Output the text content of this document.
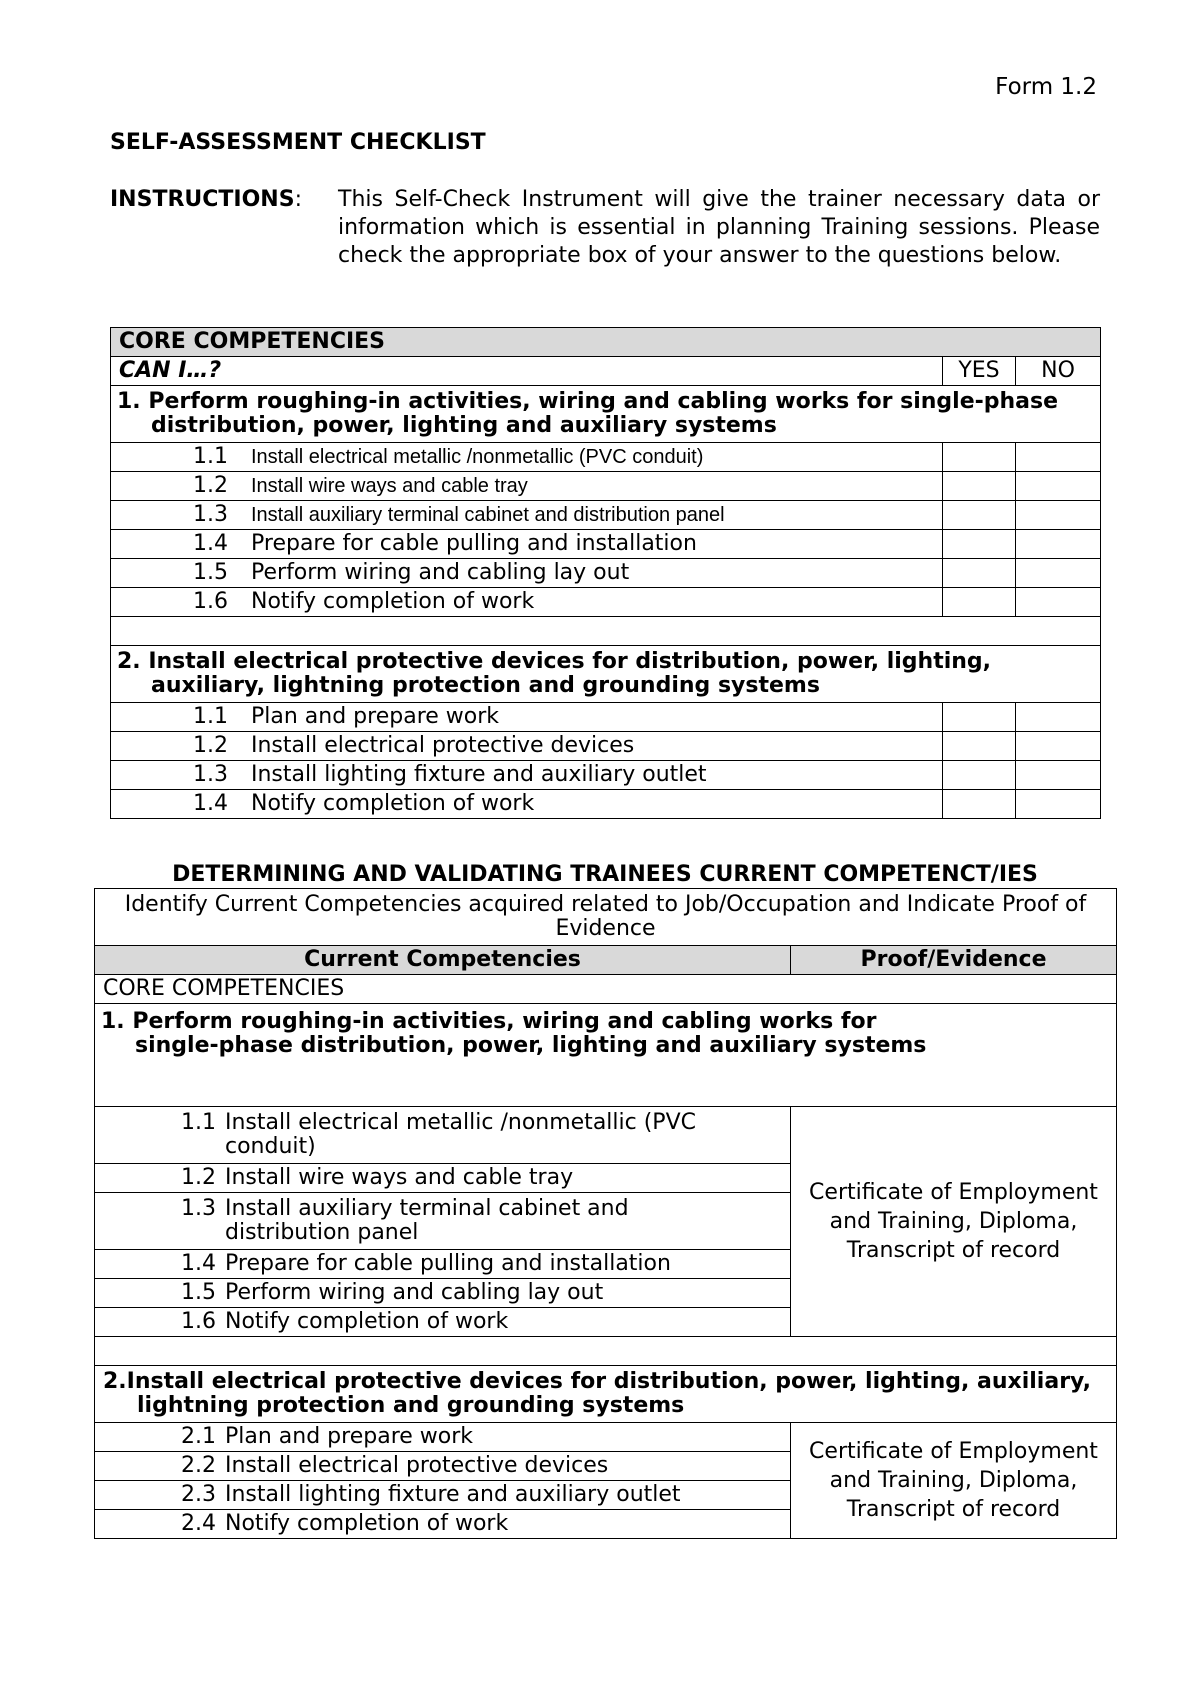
Form 1.2
SELF-ASSESSMENT CHECKLIST
INSTRUCTIONS: This Self-Check Instrument will give the trainer necessary data or information which is essential in planning Training sessions. Please check the appropriate box of your answer to the questions below.
CORE COMPETENCIES		
CAN I…?	YES	NO
1. Perform roughing-in activities, wiring and cabling works for single-phase distribution, power, lighting and auxiliary systems		
1.1 Install electrical metallic /nonmetallic (PVC conduit)		
1.2 Install wire ways and cable tray		
1.3 Install auxiliary terminal cabinet and distribution panel		
1.4 Prepare for cable pulling and installation		
1.5 Perform wiring and cabling lay out		
1.6 Notify completion of work		

2. Install electrical protective devices for distribution, power, lighting, auxiliary, lightning protection and grounding systems		
1.1 Plan and prepare work		
1.2 Install electrical protective devices		
1.3 Install lighting fixture and auxiliary outlet		
1.4 Notify completion of work		
DETERMINING AND VALIDATING TRAINEES CURRENT COMPETENCT/IES
Identify Current Competencies acquired related to Job/Occupation and Indicate Proof of Evidence	
Current Competencies	Proof/Evidence
CORE COMPETENCIES	
1. Perform roughing-in activities, wiring and cabling works for single-phase distribution, power, lighting and auxiliary systems	
1.1 Install electrical metallic /nonmetallic (PVC
conduit)	Certificate of Employment and Training, Diploma, Transcript of record
1.2 Install wire ways and cable tray	
1.3 Install auxiliary terminal cabinet and
distribution panel	

1.4 Prepare for cable pulling and installation	
1.5 Perform wiring and cabling lay out	
1.6 Notify completion of work	

2.Install electrical protective devices for distribution, power, lighting, auxiliary, lightning protection and grounding systems	
2.1 Plan and prepare work	Certificate of Employment and Training, Diploma, Transcript of record
2.2 Install electrical protective devices	
2.3 Install lighting fixture and auxiliary outlet	
2.4 Notify completion of work	
